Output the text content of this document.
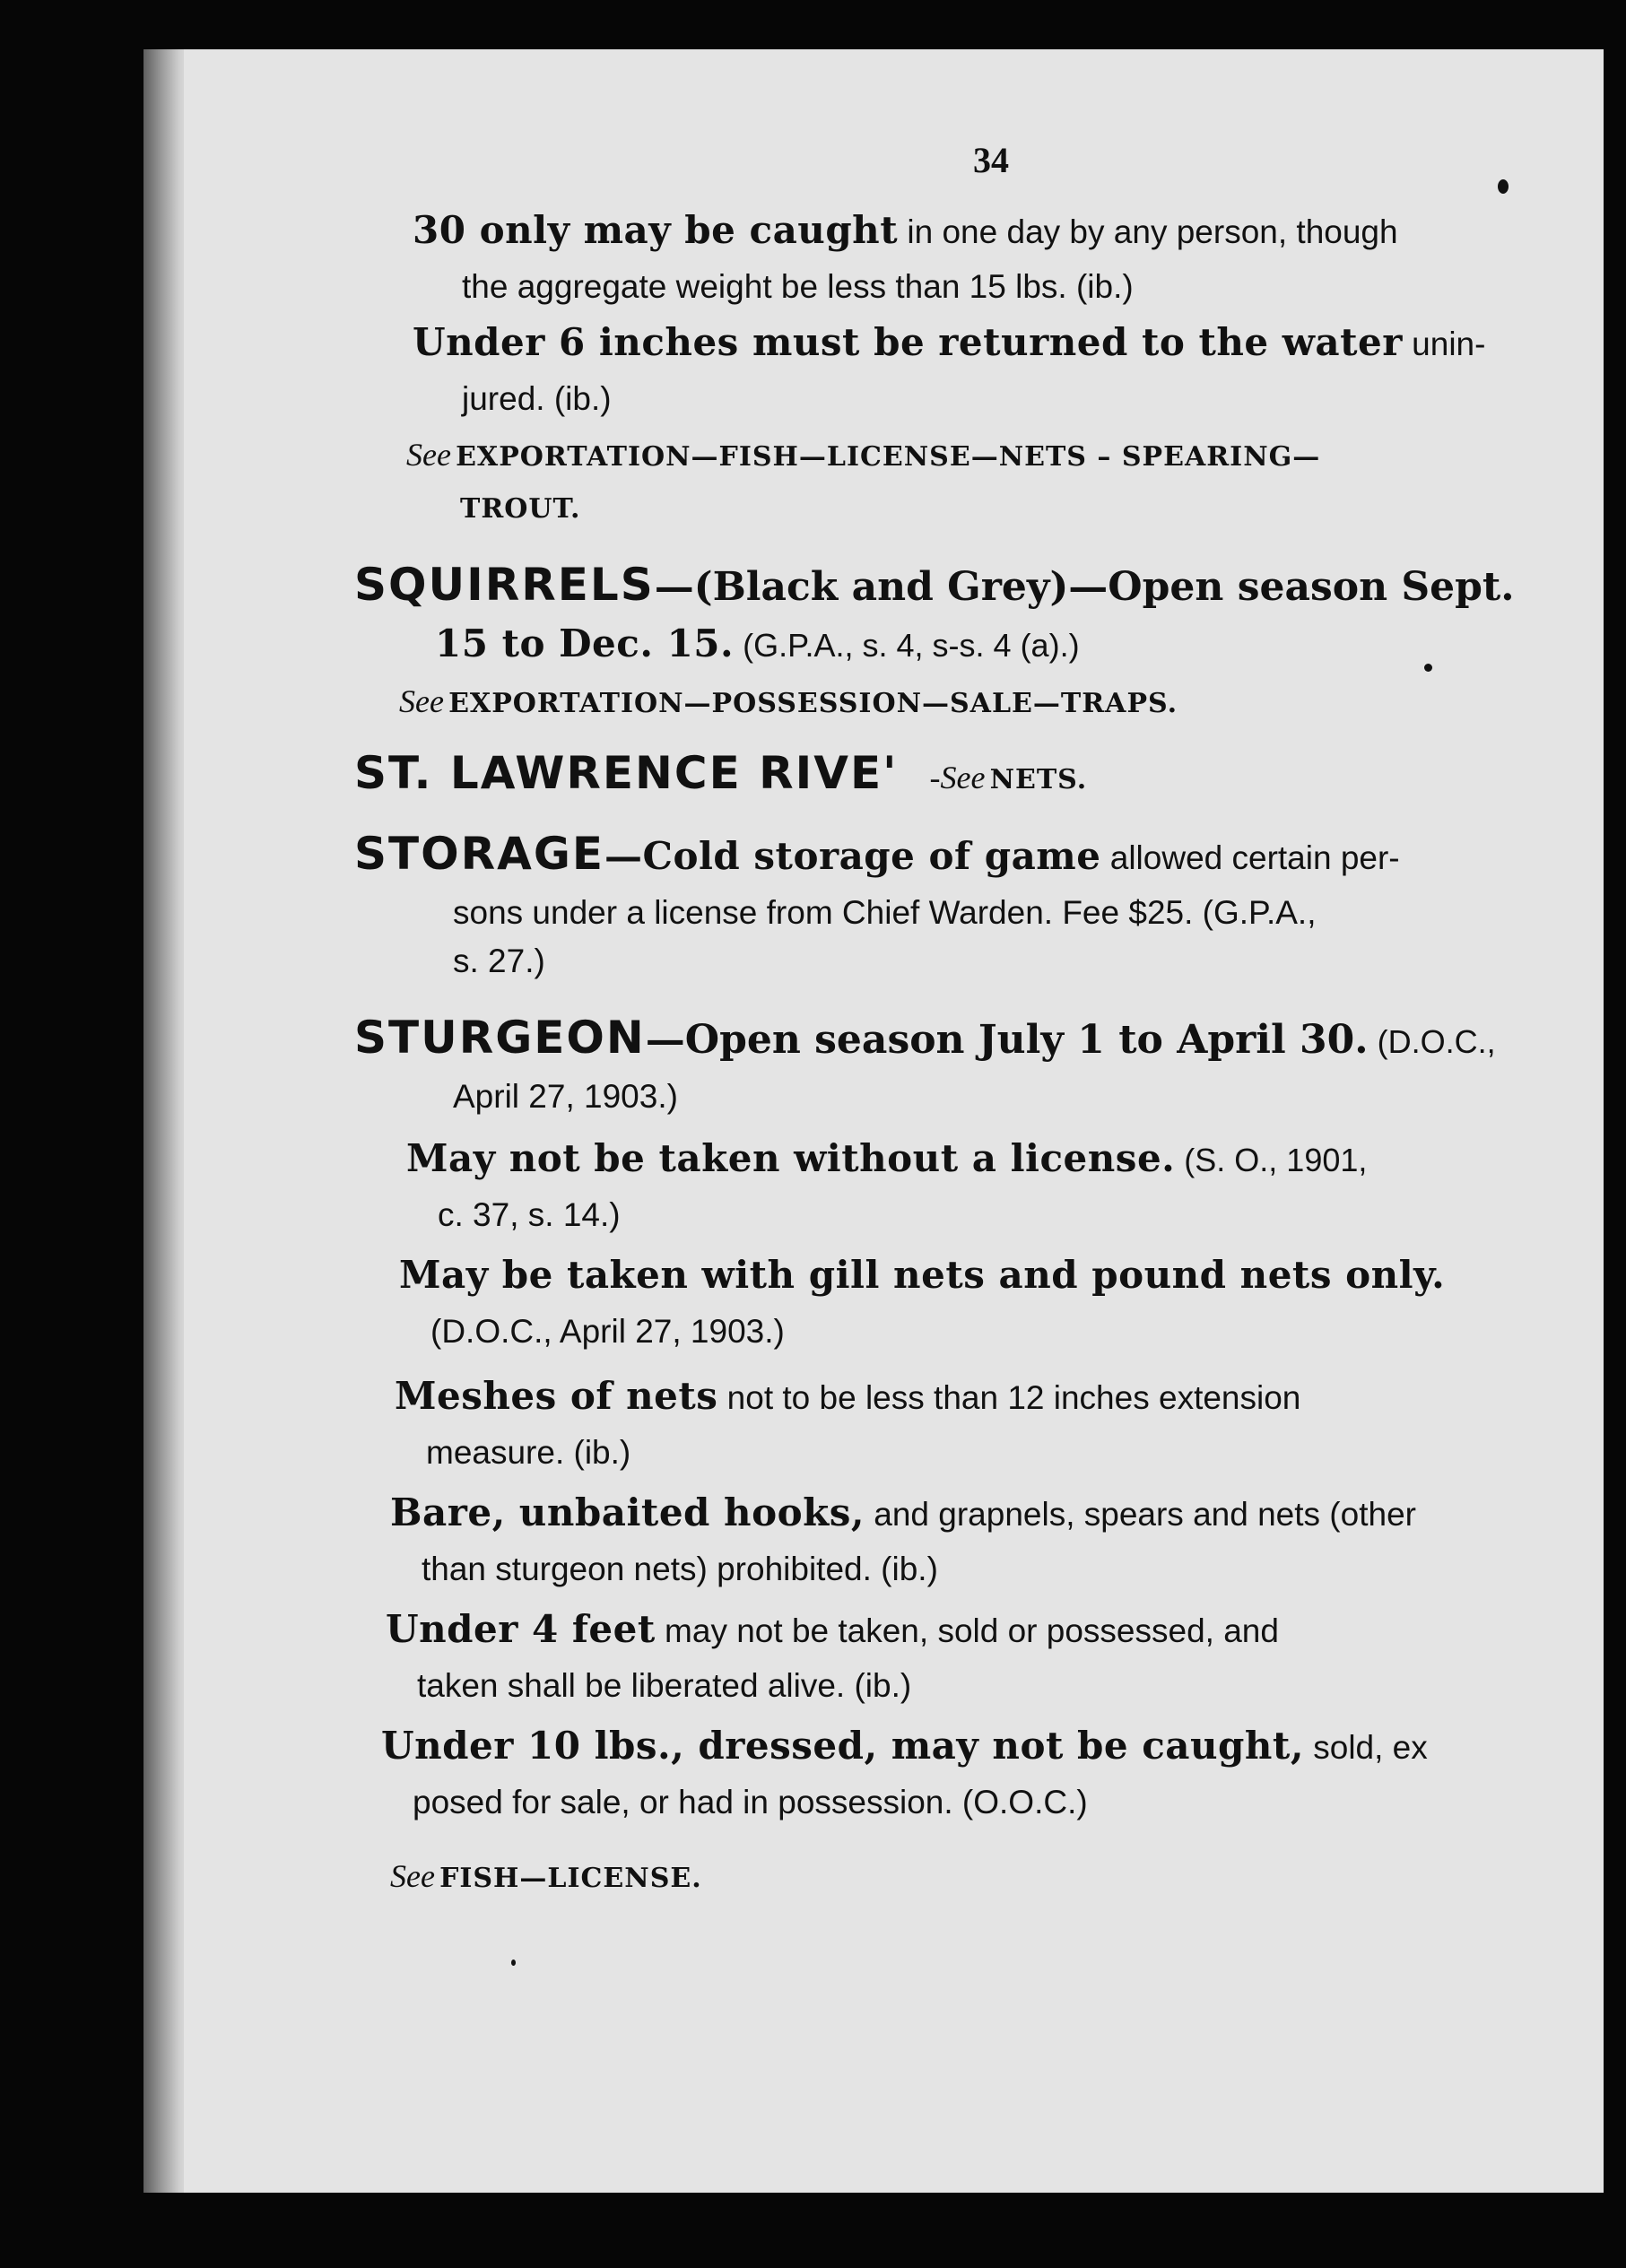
34
30 only may be caught in one day by any person, though
the aggregate weight be less than 15 lbs. (ib.)
Under 6 inches must be returned to the water unin-
jured. (ib.)
See EXPORTATION—FISH—LICENSE—NETS – SPEARING—
TROUT.
SQUIRRELS—(Black and Grey)—Open season Sept.
15 to Dec. 15. (G.P.A., s. 4, s-s. 4 (a).)
See EXPORTATION—POSSESSION—SALE—TRAPS.
ST. LAWRENCE RIVE' -See NETS.
STORAGE—Cold storage of game allowed certain per-
sons under a license from Chief Warden. Fee $25. (G.P.A.,
s. 27.)
STURGEON—Open season July 1 to April 30. (D.O.C.,
April 27, 1903.)
May not be taken without a license. (S. O., 1901,
c. 37, s. 14.)
May be taken with gill nets and pound nets only.
(D.O.C., April 27, 1903.)
Meshes of nets not to be less than 12 inches extension
measure. (ib.)
Bare, unbaited hooks, and grapnels, spears and nets (other
than sturgeon nets) prohibited. (ib.)
Under 4 feet may not be taken, sold or possessed, and
taken shall be liberated alive. (ib.)
Under 10 lbs., dressed, may not be caught, sold, ex
posed for sale, or had in possession. (O.O.C.)
See FISH—LICENSE.
